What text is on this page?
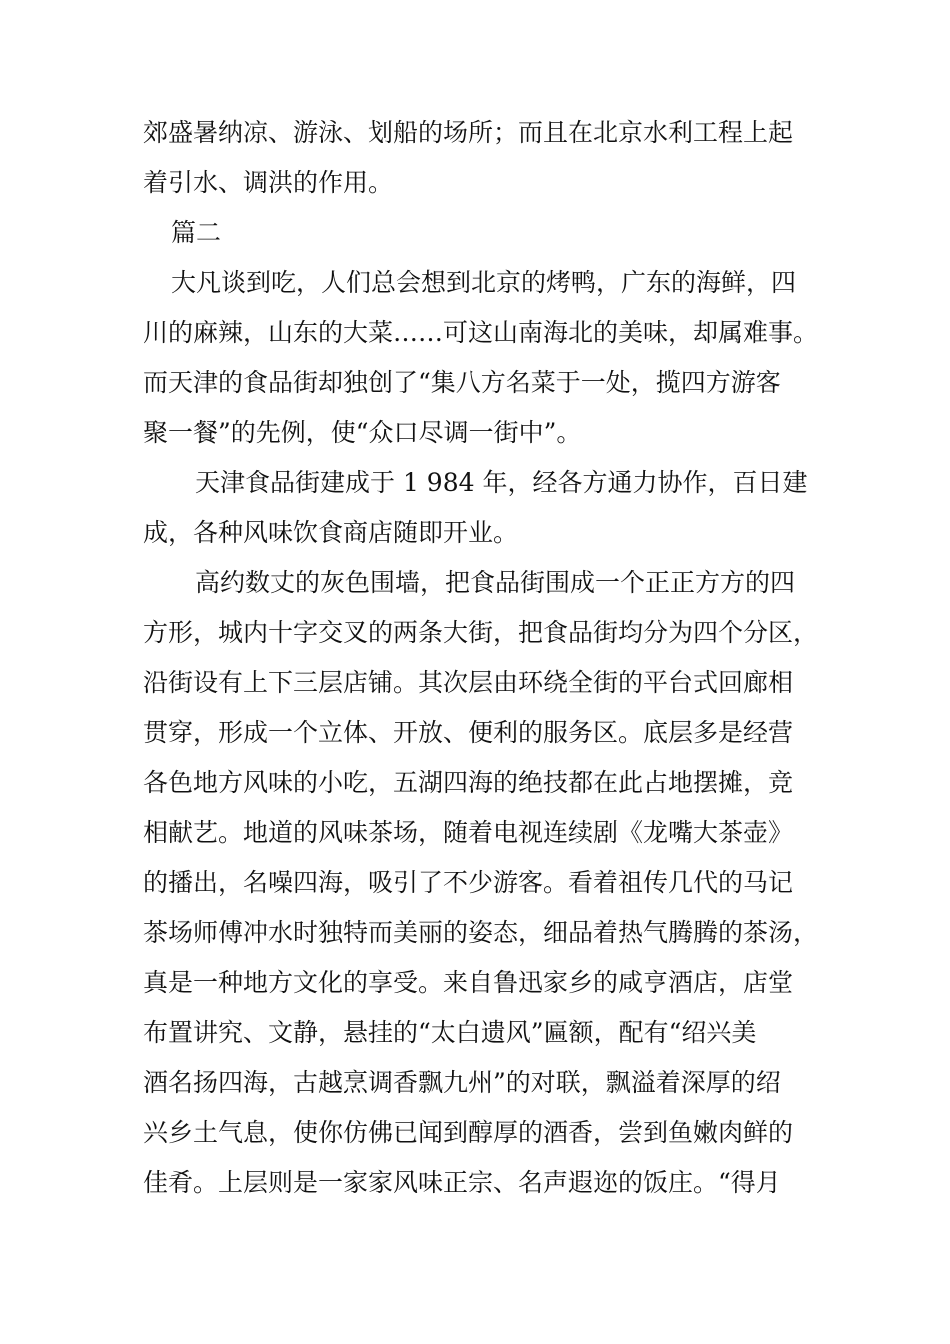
郊盛暑纳凉、游泳、划船的场所；而且在北京水利工程上起
着引水、调洪的作用。
篇二
大凡谈到吃，人们总会想到北京的烤鸭，广东的海鲜，四
川的麻辣，山东的大菜……可这山南海北的美味，却属难事。
而天津的食品街却独创了“集八方名菜于一处，揽四方游客
聚一餐”的先例，使“众口尽调一街中”。
天津食品街建成于 1 984 年，经各方通力协作，百日建
成，各种风味饮食商店随即开业。
高约数丈的灰色围墙，把食品街围成一个正正方方的四
方形，城内十字交叉的两条大街，把食品街均分为四个分区，
沿街设有上下三层店铺。其次层由环绕全街的平台式回廊相
贯穿，形成一个立体、开放、便利的服务区。底层多是经营
各色地方风味的小吃，五湖四海的绝技都在此占地摆摊，竞
相献艺。地道的风味茶场，随着电视连续剧《龙嘴大茶壶》
的播出，名噪四海，吸引了不少游客。看着祖传几代的马记
茶场师傅冲水时独特而美丽的姿态，细品着热气腾腾的茶汤，
真是一种地方文化的享受。来自鲁迅家乡的咸亨酒店，店堂
布置讲究、文静，悬挂的“太白遗风”匾额，配有“绍兴美
酒名扬四海，古越烹调香飘九州”的对联，飘溢着深厚的绍
兴乡土气息，使你仿佛已闻到醇厚的酒香，尝到鱼嫩肉鲜的
佳肴。上层则是一家家风味正宗、名声遐迩的饭庄。“得月
